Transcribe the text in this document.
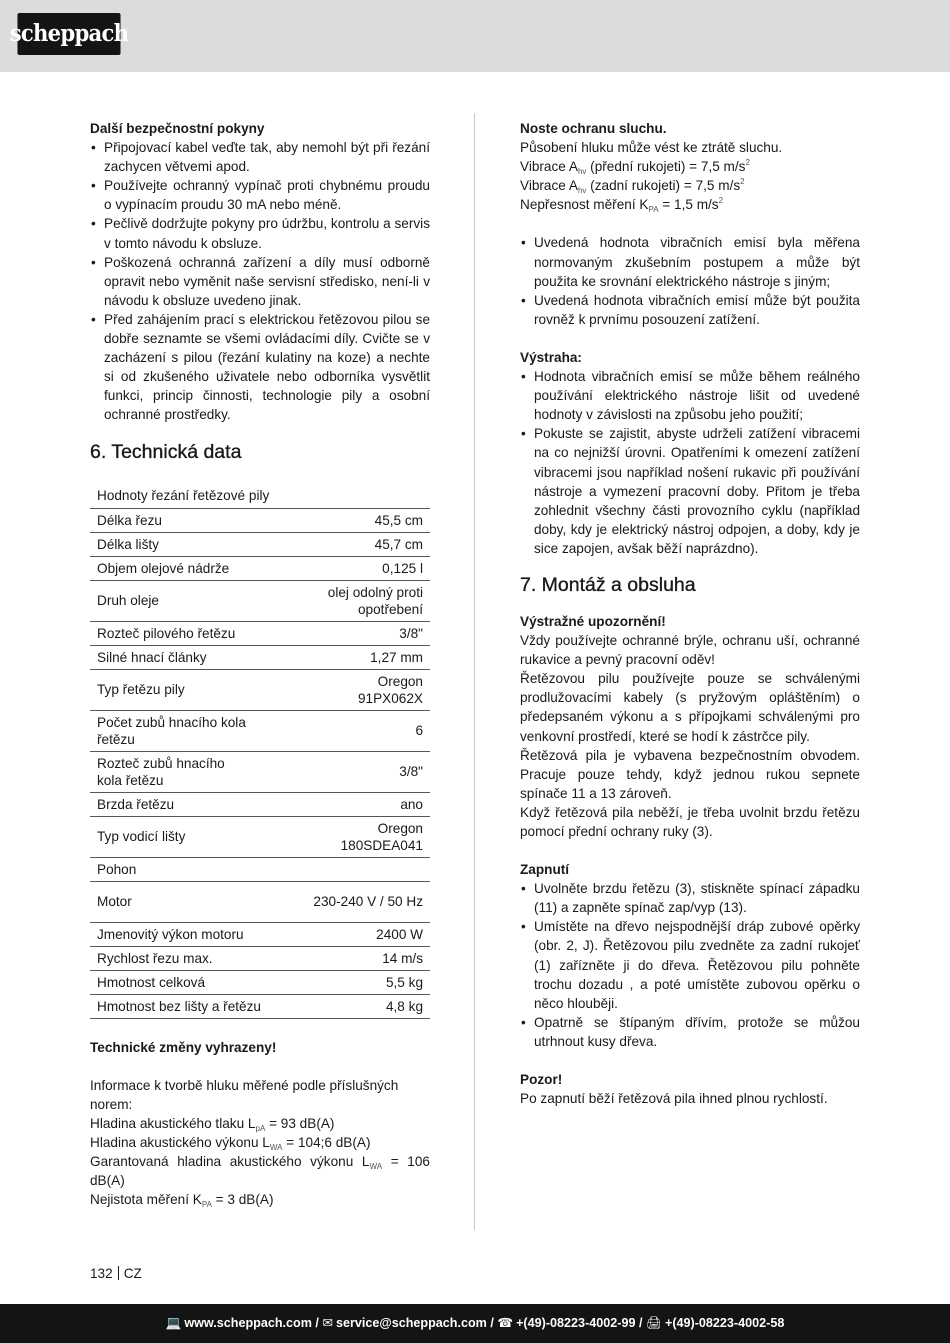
scheppach

Další bezpečnostní pokyny

• Připojovací kabel veďte tak, aby nemohl být při řezání zachycen větvemi apod.
• Používejte ochranný vypínač proti chybnému proudu o vypínacím proudu 30 mA nebo méně.
• Pečlivě dodržujte pokyny pro údržbu, kontrolu a servis v tomto návodu k obsluze.
• Poškozená ochranná zařízení a díly musí odborně opravit nebo vyměnit naše servisní středisko, není-li v návodu k obsluze uvedeno jinak.
• Před zahájením prací s elektrickou řetězovou pilou se dobře seznamte se všemi ovládacími díly. Cvičte se v zacházení s pilou (řezání kulatiny na koze) a nechte si od zkušeného uživatele nebo odborníka vysvětlit funkci, princip činnosti, technologie pily a osobní ochranné prostředky.
6. Technická data
Hodnoty řezání řetězové pily	
Délka řezu	45,5 cm
Délka lišty	45,7 cm
Objem olejové nádrže	0,125 l
Druh oleje	olej odolný proti opotřebení
Rozteč pilového řetězu	3/8"
Silné hnací články	1,27 mm
Typ řetězu pily	Oregon 91PX062X
Počet zubů hnacího kola řetězu	6
Rozteč zubů hnacího kola řetězu	3/8"
Brzda řetězu	ano
Typ vodicí lišty	Oregon 180SDEA041
Pohon	
Motor	230-240 V / 50 Hz
Jmenovitý výkon motoru	2400 W
Rychlost řezu max.	14 m/s
Hmotnost celková	5,5 kg
Hmotnost bez lišty a řetězu	4,8 kg

Technické změny vyhrazeny!

Informace k tvorbě hluku měřené podle příslušných norem:

Hladina akustického tlaku $L_{pA} = 93$ dB(A)

Hladina akustického výkonu $L_{WA}$ = 104;6 dB(A)

Garantovaná hladina akustického výkonu $L_{WA} = 106$ dB(A)

Nejistota měření $K_{PA} = 3$ dB(A)

Noste ochranu sluchu.

Působení hluku může vést ke ztrátě sluchu.

Vibrace $A_{hv}$ (přední rukojeti) = 7,5 $m/s^2$

Vibrace $A_{hv}$ (zadní rukojeti) = 7,5 $m/s^2$

Nepřesnost měření $K_{PA} = 1,5$ $m/s^2$

• Uvedená hodnota vibračních emisí byla měřena normovaným zkušebním postupem a může být použita ke srovnání elektrického nástroje s jiným;
• Uvedená hodnota vibračních emisí může být použita rovněž k prvnímu posouzení zatížení.

Výstraha:

• Hodnota vibračních emisí se může během reálného používání elektrického nástroje lišit od uvedené hodnoty v závislosti na způsobu jeho použití;
• Pokuste se zajistit, abyste udrželi zatížení vibracemi na co nejnižší úrovni. Opatřeními k omezení zatížení vibracemi jsou například nošení rukavic při používání nástroje a vymezení pracovní doby. Přitom je třeba zohlednit všechny části provozního cyklu (například doby, kdy je elektrický nástroj odpojen, a doby, kdy je sice zapojen, avšak běží naprázdno).
7. Montáž a obsluha

Výstražné upozornění!

Vždy používejte ochranné brýle, ochranu uší, ochranné rukavice a pevný pracovní oděv!

Řetězovou pilu používejte pouze se schválenými prodlužovacími kabely (s pryžovým opláštěním) o předepsaném výkonu a s přípojkami schválenými pro venkovní prostředí, které se hodí k zástrčce pily.

Řetězová pila je vybavena bezpečnostním obvodem. Pracuje pouze tehdy, když jednou rukou sepnete spínače 11 a 13 zároveň.

Když řetězová pila neběží, je třeba uvolnit brzdu řetězu pomocí přední ochrany ruky (3).

Zapnutí

• Uvolněte brzdu řetězu (3), stiskněte spínací západku (11) a zapněte spínač zap/vyp (13).
• Umístěte na dřevo nejspodnější dráp zubové opěrky (obr. 2, J). Řetězovou pilu zvedněte za zadní rukojeť (1) zařízněte ji do dřeva. Řetězovou pilu pohněte trochu dozadu , a poté umístěte zubovou opěrku o něco hlouběji.
• Opatrně se štípaným dřívím, protože se můžou utrhnout kusy dřeva.

Pozor!

Po zapnutí běží řetězová pila ihned plnou rychlostí.

132 CZ
💻 www.scheppach.com / ✉ service@scheppach.com / ☎ +(49)-08223-4002-99 / 🖨 +(49)-08223-4002-58
